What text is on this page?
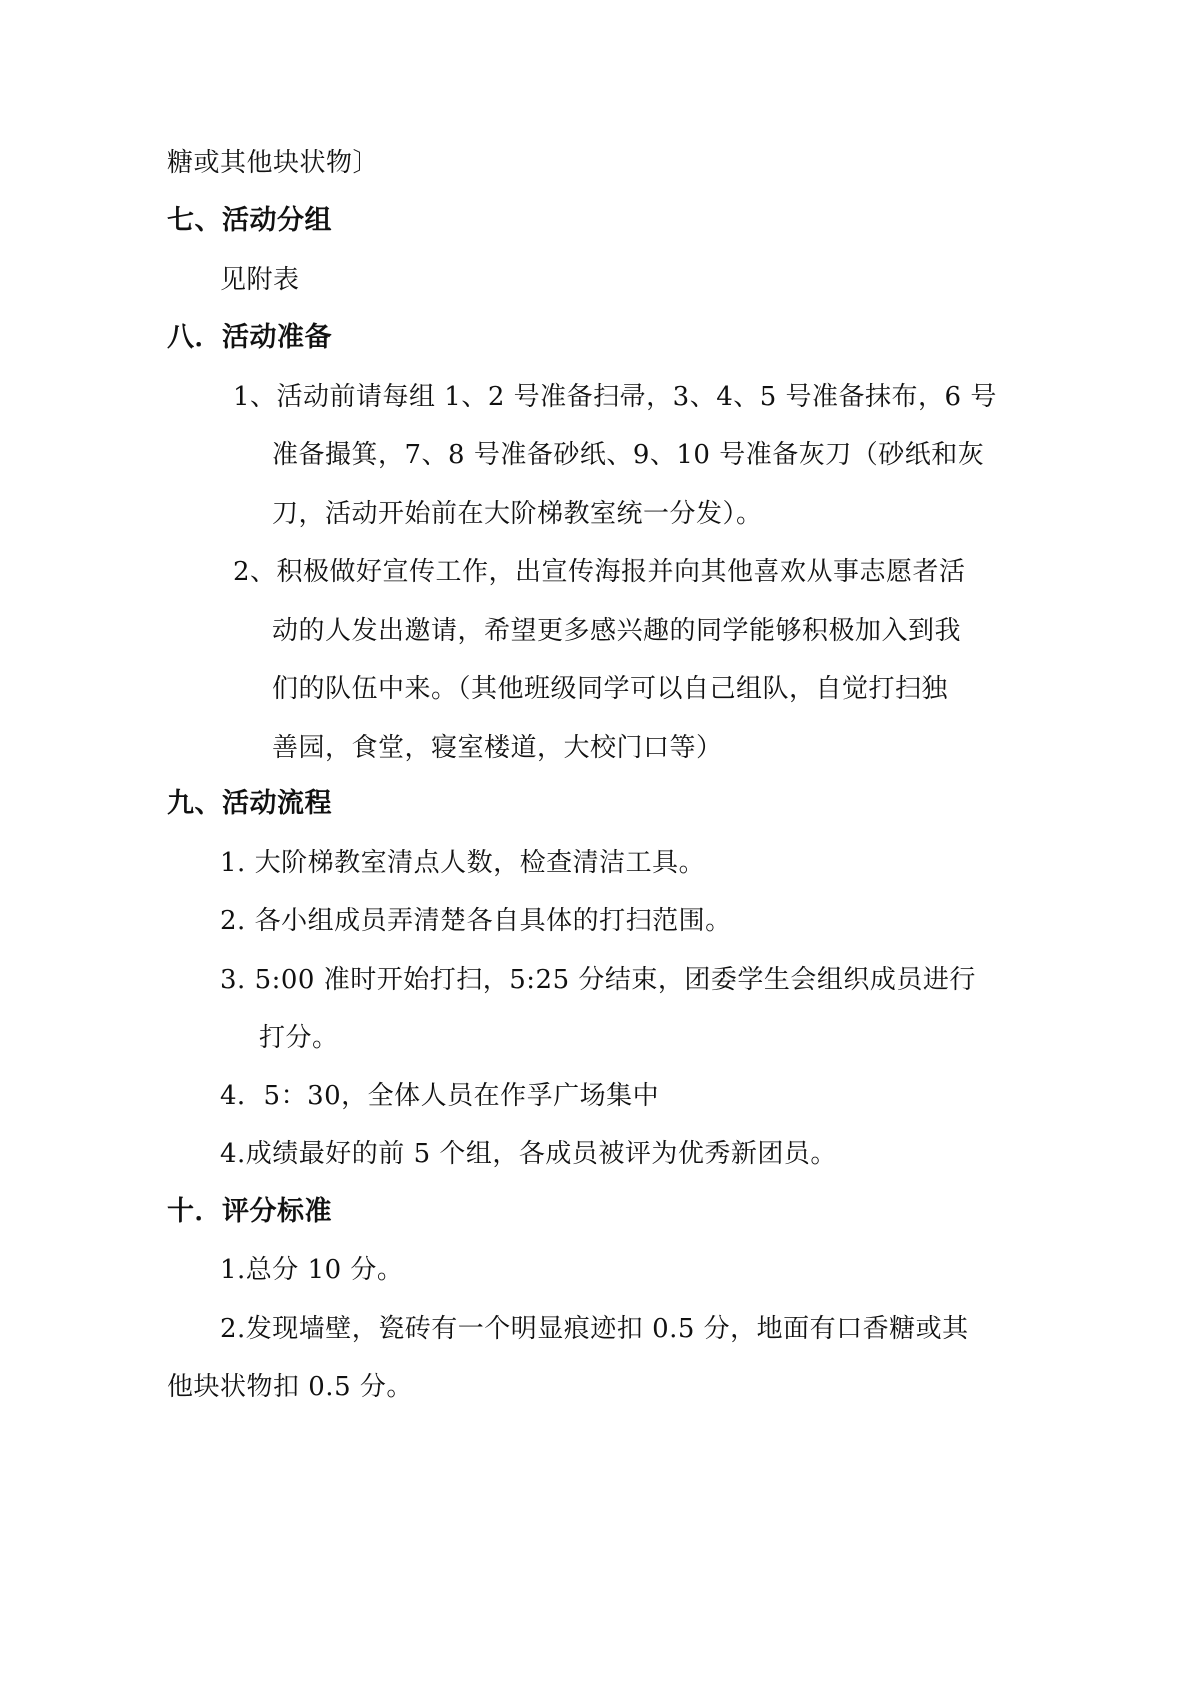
糖或其他块状物〕

七、活动分组

见附表

八．活动准备

1、活动前请每组 1、2 号准备扫帚，3、4、5 号准备抹布，6 号

准备撮箕，7、8 号准备砂纸、9、10 号准备灰刀（砂纸和灰

刀，活动开始前在大阶梯教室统一分发）。

2、积极做好宣传工作，出宣传海报并向其他喜欢从事志愿者活

动的人发出邀请，希望更多感兴趣的同学能够积极加入到我

们的队伍中来。（其他班级同学可以自己组队，自觉打扫独

善园，食堂，寝室楼道，大校门口等）

九、活动流程

1. 大阶梯教室清点人数，检查清洁工具。

2. 各小组成员弄清楚各自具体的打扫范围。

3. 5:00 准时开始打扫，5:25 分结束，团委学生会组织成员进行

打分。

4．5：30，全体人员在作孚广场集中

4.成绩最好的前 5 个组，各成员被评为优秀新团员。

十．评分标准

1.总分 10 分。

2.发现墙壁，瓷砖有一个明显痕迹扣 0.5 分，地面有口香糖或其

他块状物扣 0.5 分。
